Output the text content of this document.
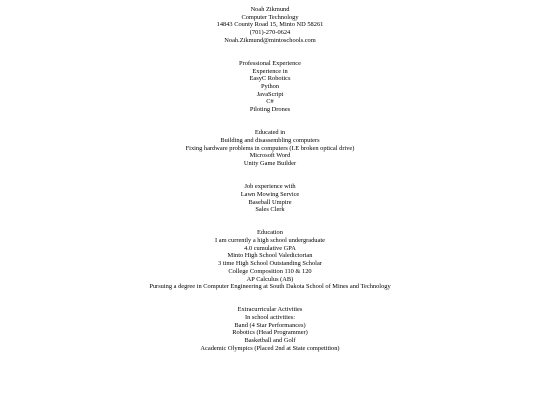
Noah Zikmund
Computer Technology
14843 County Road 15, Minto ND 58261
(701)-270-0624
Noah.Zikmund@mintoschools.com
Professional Experience
Experience in
EasyC Robotics
Python
JavaScript
C#
Piloting Drones
Educated in
Building and disassembling computers
Fixing hardware problems in computers (I.E broken optical drive)
Microsoft Word
Unity Game Builder
Job experience with
Lawn Mowing Service
Baseball Umpire
Sales Clerk
Education
I am currently a high school undergraduate
4.0 cumulative GPA
Minto High School Valedictorian
3 time High School Outstanding Scholar
College Composition 110 & 120
AP Calculus (AB)
Pursuing a degree in Computer Engineering at South Dakota School of Mines and Technology
Extracurricular Activities
In school activities:
Band (4 Star Performances)
Robotics (Head Programmer)
Basketball and Golf
Academic Olympics (Placed 2nd at State competition)
